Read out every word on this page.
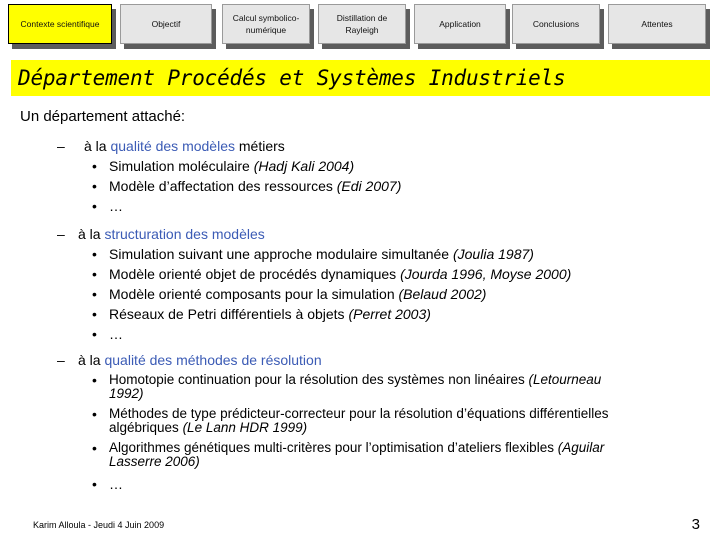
Contexte scientifique	Objectif
Calcul symbolico-numérique
Distillation de Rayleigh
Application	Conclusions	Attentes
Département Procédés et Systèmes Industriels
Un département attaché:
– à la qualité des modèles métiers
• Simulation moléculaire (Hadj Kali 2004)
• Modèle d’affectation des ressources (Edi 2007)
• …
– à la structuration des modèles
• Simulation suivant une approche modulaire simultanée (Joulia 1987)
• Modèle orienté objet de procédés dynamiques (Jourda 1996, Moyse 2000)
• Modèle orienté composants pour la simulation (Belaud 2002)
• Réseaux de Petri différentiels à objets (Perret 2003)
• …
– à la qualité des méthodes de résolution
• Homotopie continuation pour la résolution des systèmes non linéaires (Letourneau
1992)
• Méthodes de type prédicteur-correcteur pour la résolution d’équations différentielles
algébriques (Le Lann HDR 1999)
• Algorithmes génétiques multi-critères pour l’optimisation d’ateliers flexibles (Aguilar
Lasserre 2006)
• …
Karim Alloula - Jeudi 4 Juin 2009	3
